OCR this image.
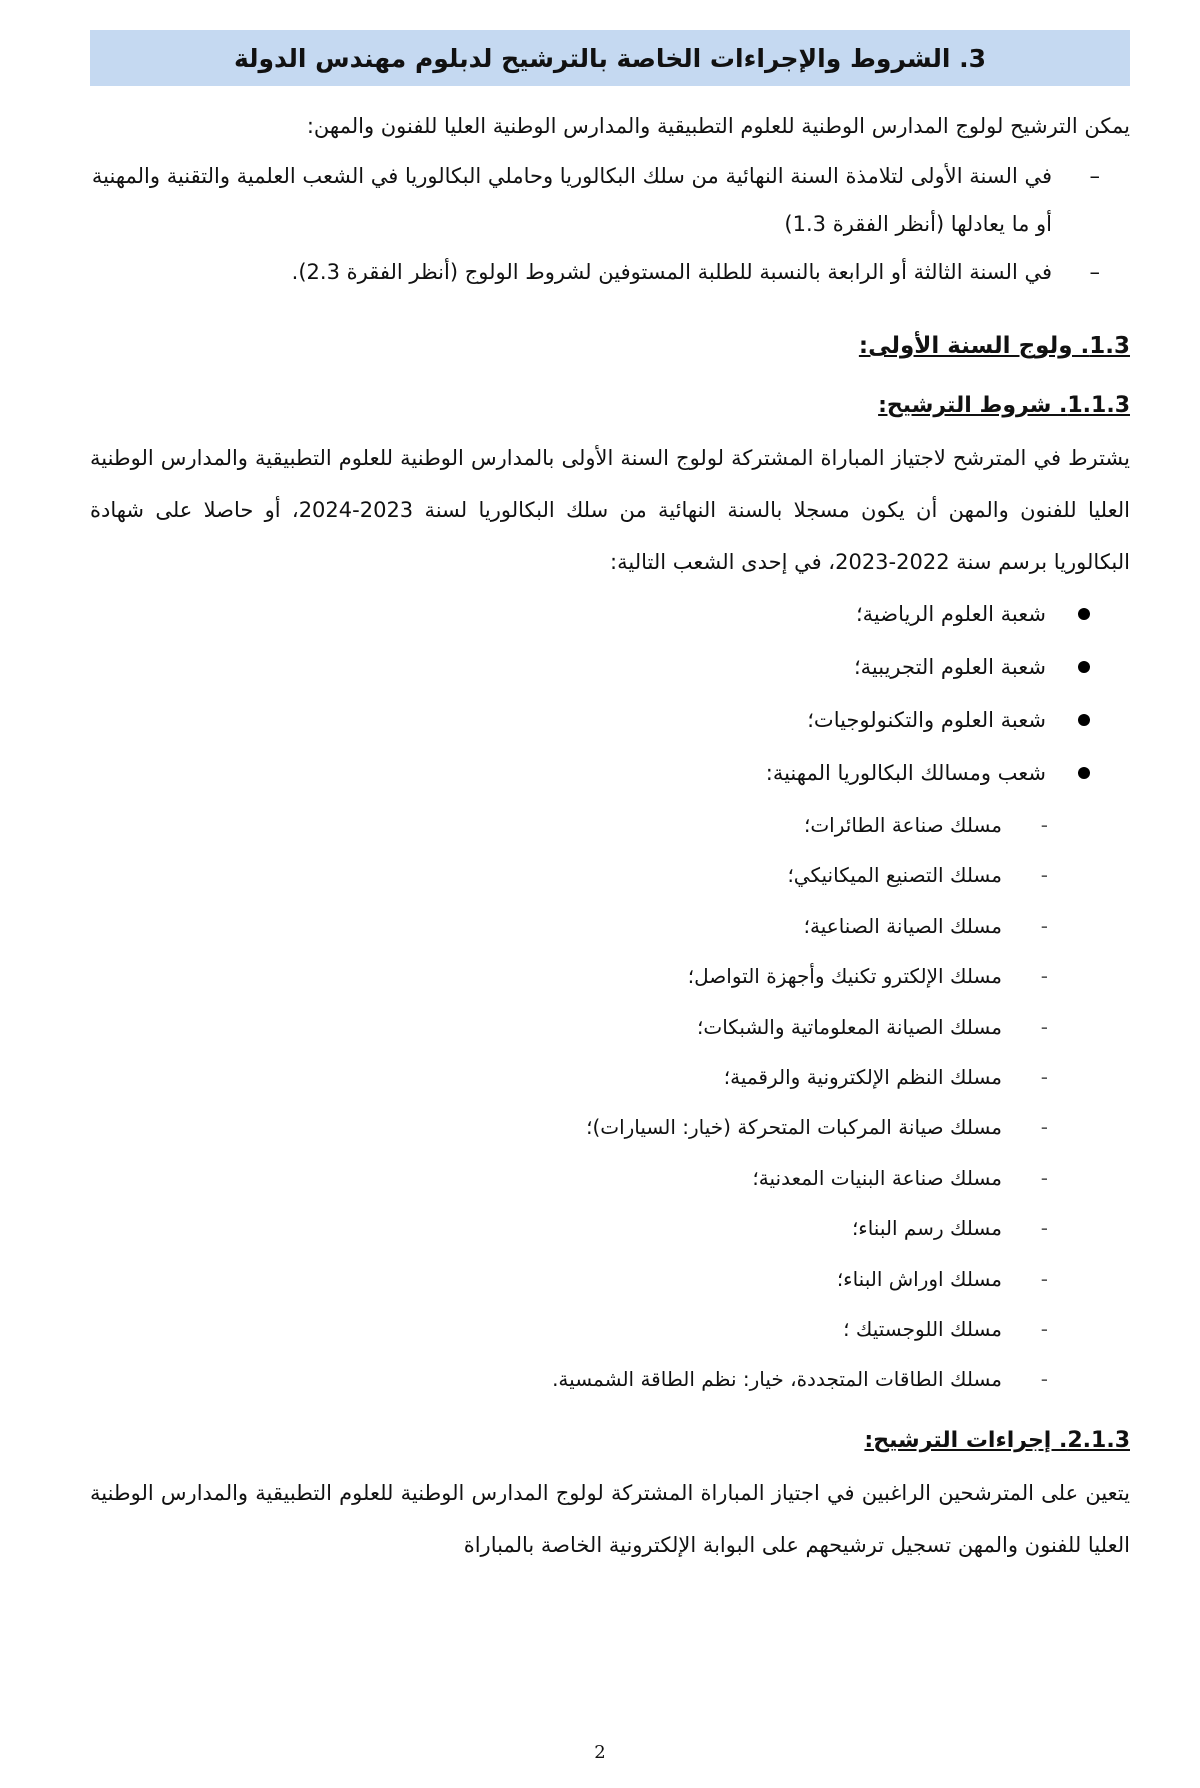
3. الشروط والإجراءات الخاصة بالترشيح لدبلوم مهندس الدولة

يمكن الترشيح لولوج المدارس الوطنية للعلوم التطبيقية والمدارس الوطنية العليا للفنون والمهن:

–
في السنة الأولى لتلامذة السنة النهائية من سلك البكالوريا وحاملي البكالوريا في الشعب العلمية والتقنية والمهنية أو ما يعادلها (أنظر الفقرة 1.3)
–
في السنة الثالثة أو الرابعة بالنسبة للطلبة المستوفين لشروط الولوج (أنظر الفقرة 2.3).
1.3. ولوج السنة الأولى:
1.1.3. شروط الترشيح:

يشترط في المترشح لاجتياز المباراة المشتركة لولوج السنة الأولى بالمدارس الوطنية للعلوم التطبيقية والمدارس الوطنية العليا للفنون والمهن أن يكون مسجلا بالسنة النهائية من سلك البكالوريا لسنة 2023-2024، أو حاصلا على شهادة البكالوريا برسم سنة 2022-2023، في إحدى الشعب التالية:

شعبة العلوم الرياضية؛
شعبة العلوم التجريبية؛
شعبة العلوم والتكنولوجيات؛
شعب ومسالك البكالوريا المهنية:
-
مسلك صناعة الطائرات؛
-
مسلك التصنيع الميكانيكي؛
-
مسلك الصيانة الصناعية؛
-
مسلك الإلكترو تكنيك وأجهزة التواصل؛
-
مسلك الصيانة المعلوماتية والشبكات؛
-
مسلك النظم الإلكترونية والرقمية؛
-
مسلك صيانة المركبات المتحركة (خيار: السيارات)؛
-
مسلك صناعة البنيات المعدنية؛
-
مسلك رسم البناء؛
-
مسلك اوراش البناء؛
-
مسلك اللوجستيك ؛
-
مسلك الطاقات المتجددة، خيار: نظم الطاقة الشمسية.
2.1.3. إجراءات الترشيح:

يتعين على المترشحين الراغبين في اجتياز المباراة المشتركة لولوج المدارس الوطنية للعلوم التطبيقية والمدارس الوطنية العليا للفنون والمهن تسجيل ترشيحهم على البوابة الإلكترونية الخاصة بالمباراة

2
